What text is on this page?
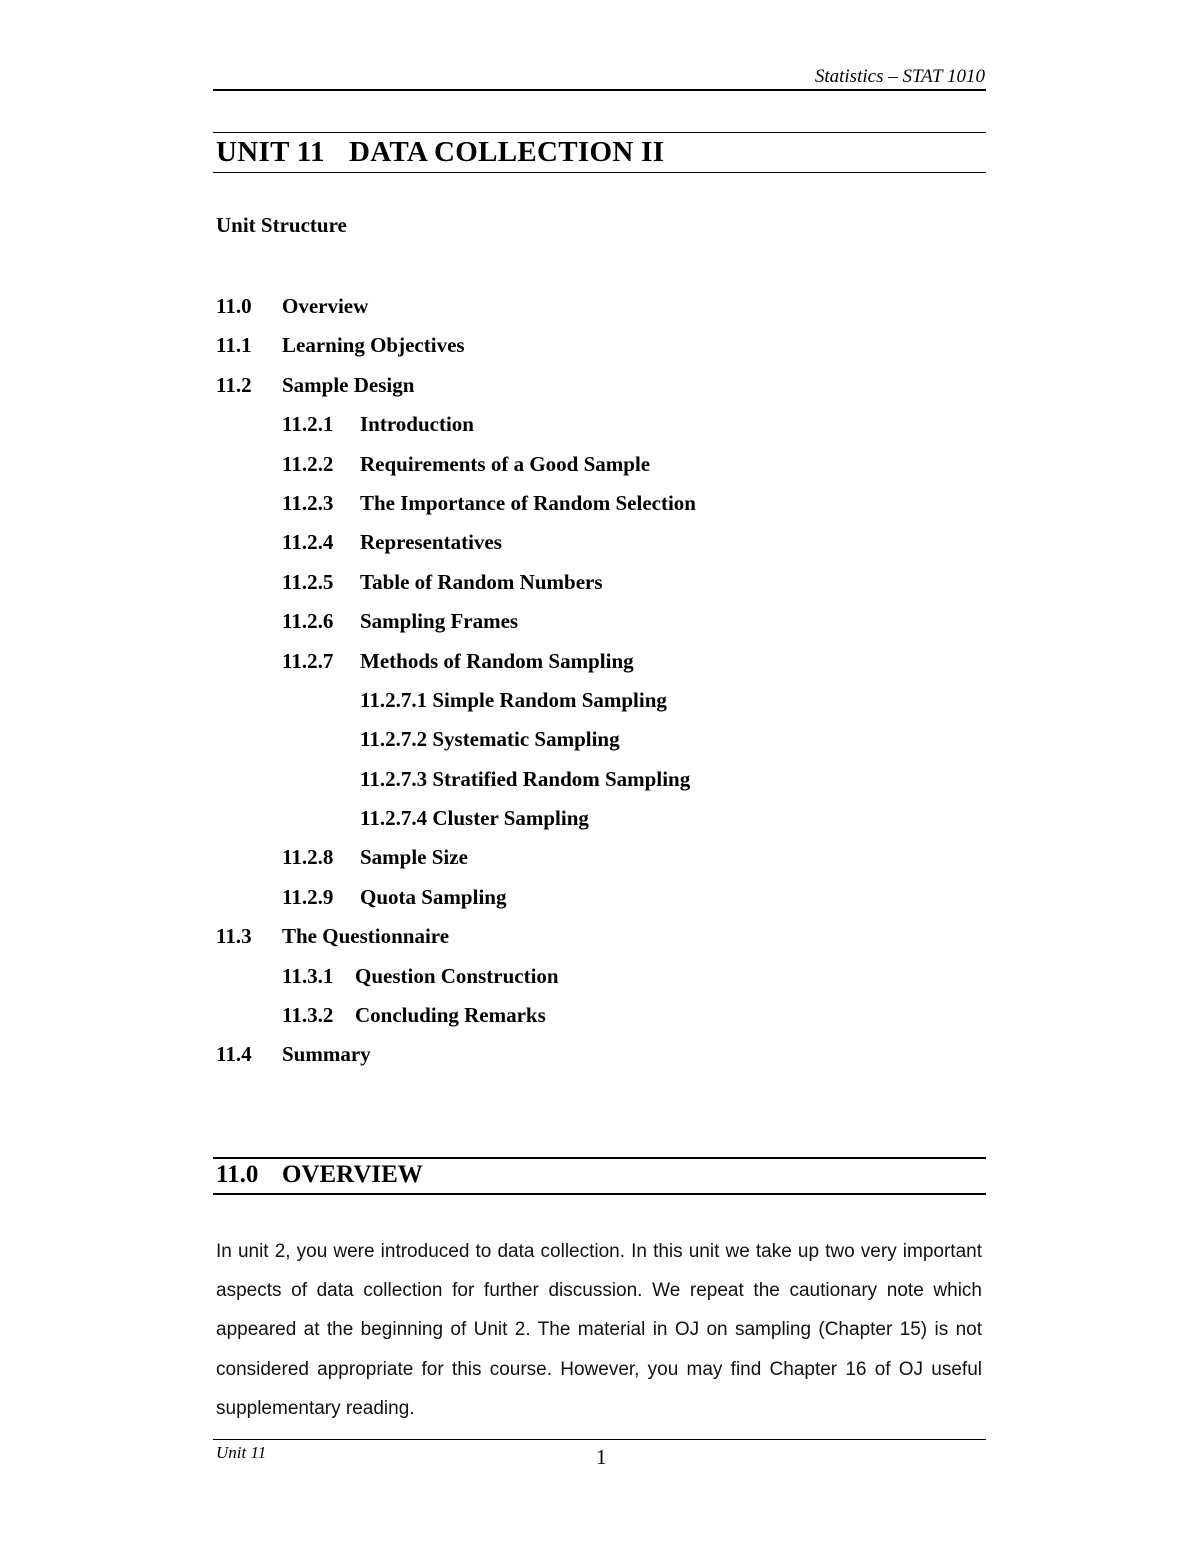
Statistics – STAT 1010
UNIT 11 DATA COLLECTION II
Unit Structure
11.0 Overview
11.1 Learning Objectives
11.2 Sample Design
11.2.1 Introduction
11.2.2 Requirements of a Good Sample
11.2.3 The Importance of Random Selection
11.2.4 Representatives
11.2.5 Table of Random Numbers
11.2.6 Sampling Frames
11.2.7 Methods of Random Sampling
11.2.7.1 Simple Random Sampling
11.2.7.2 Systematic Sampling
11.2.7.3 Stratified Random Sampling
11.2.7.4 Cluster Sampling
11.2.8 Sample Size
11.2.9 Quota Sampling
11.3 The Questionnaire
11.3.1 Question Construction
11.3.2 Concluding Remarks
11.4 Summary
11.0 OVERVIEW

In unit 2, you were introduced to data collection. In this unit we take up two very important aspects of data collection for further discussion. We repeat the cautionary note which appeared at the beginning of Unit 2. The material in OJ on sampling (Chapter 15) is not considered appropriate for this course. However, you may find Chapter 16 of OJ useful supplementary reading.

Unit 11	1
